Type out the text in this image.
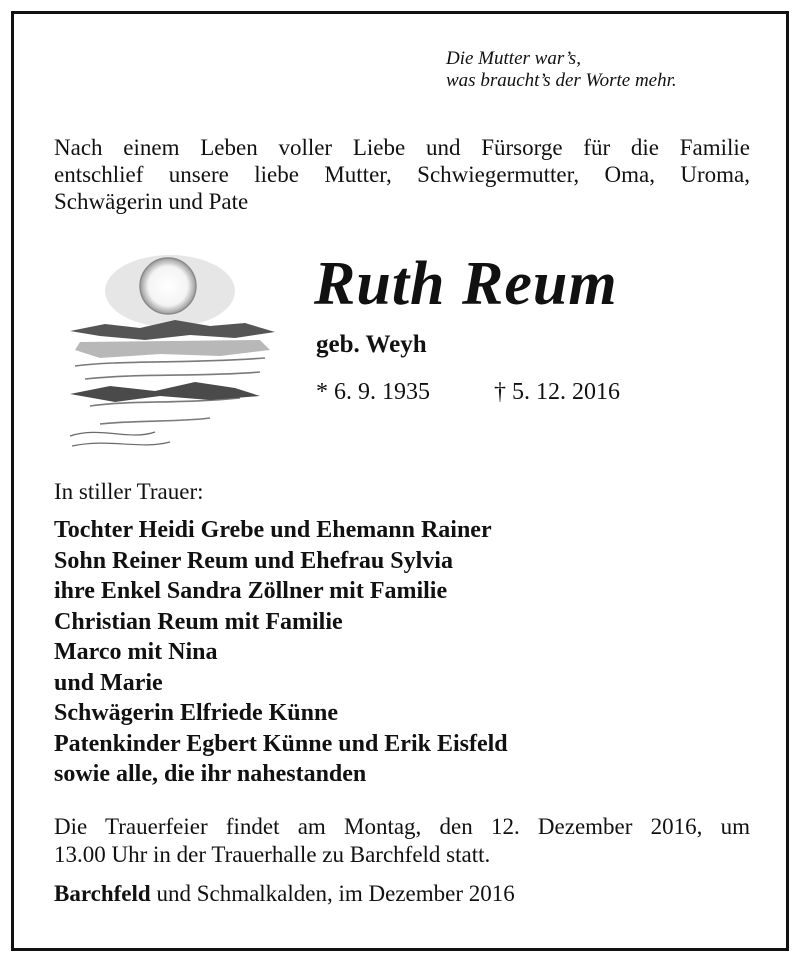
Die Mutter war’s,
was braucht’s der Worte mehr.
Nach einem Leben voller Liebe und Fürsorge für die Familie
entschlief unsere liebe Mutter, Schwiegermutter, Oma, Uroma,
Schwägerin und Pate
Ruth Reum
geb. Weyh
* 6. 9. 1935	† 5. 12. 2016
In stiller Trauer:
Tochter Heidi Grebe und Ehemann Rainer
Sohn Reiner Reum und Ehefrau Sylvia
ihre Enkel Sandra Zöllner mit Familie
Christian Reum mit Familie
Marco mit Nina
und Marie
Schwägerin Elfriede Künne
Patenkinder Egbert Künne und Erik Eisfeld
sowie alle, die ihr nahestanden
Die Trauerfeier findet am Montag, den 12. Dezember 2016, um
13.00 Uhr in der Trauerhalle zu Barchfeld statt.
Barchfeld und Schmalkalden, im Dezember 2016
